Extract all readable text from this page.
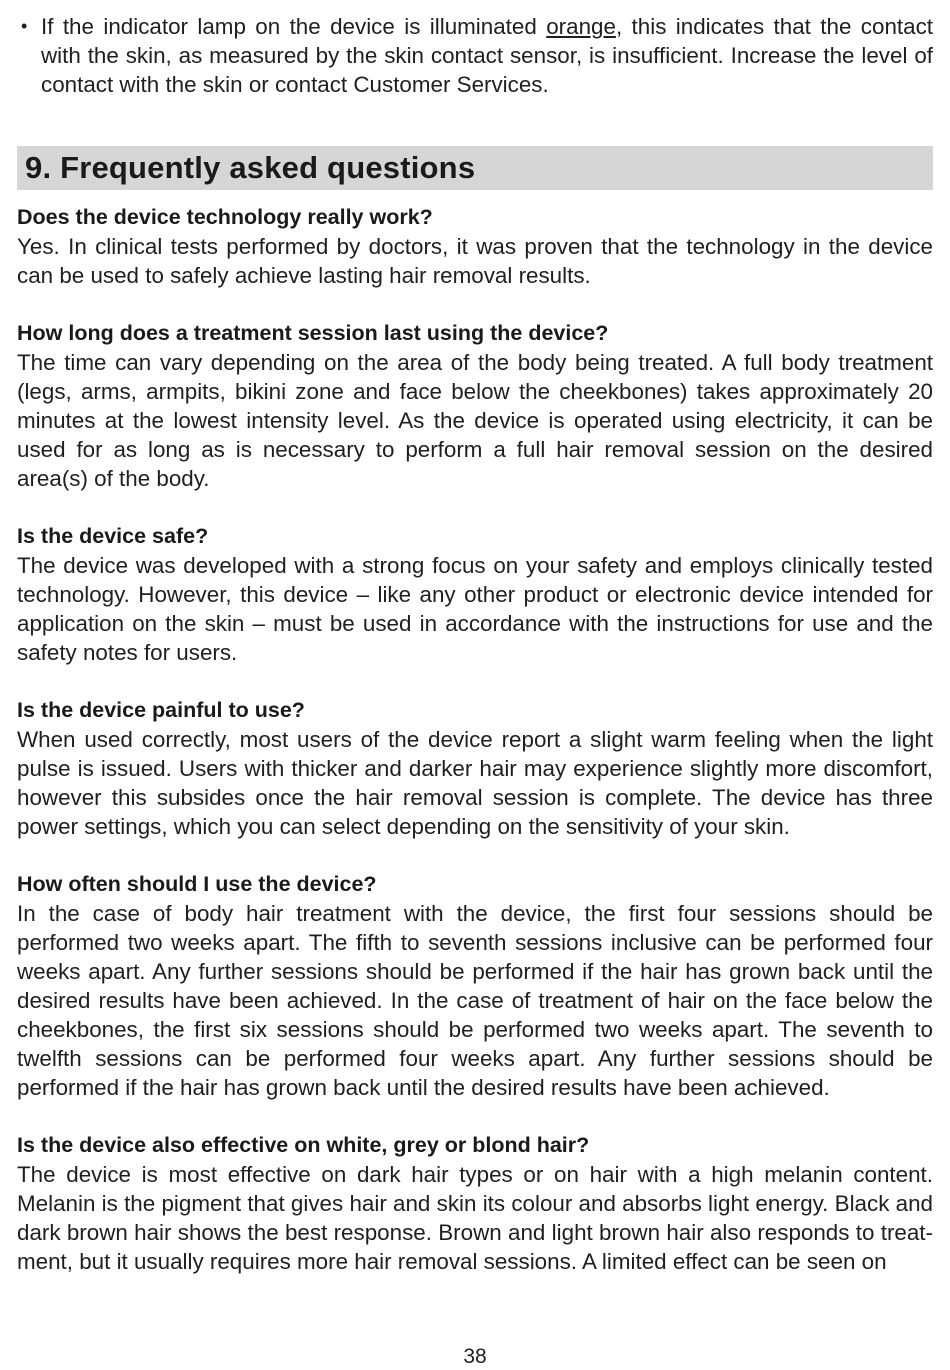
• If the indicator lamp on the device is illuminated orange, this indicates that the contact with the skin, as measured by the skin contact sensor, is insufficient. Increase the level of contact with the skin or contact Customer Services.

9. Frequently asked questions

Does the device technology really work?

Yes. In clinical tests performed by doctors, it was proven that the technology in the device can be used to safely achieve lasting hair removal results.

How long does a treatment session last using the device?

The time can vary depending on the area of the body being treated. A full body treatment (legs, arms, armpits, bikini zone and face below the cheekbones) takes approximately 20 minutes at the lowest intensity level. As the device is operated using electricity, it can be used for as long as is necessary to perform a full hair removal session on the desired area(s) of the body.

Is the device safe?

The device was developed with a strong focus on your safety and employs clinically tested technology. However, this device – like any other product or electronic device intended for application on the skin – must be used in accordance with the instructions for use and the safety notes for users.

Is the device painful to use?

When used correctly, most users of the device report a slight warm feeling when the light pulse is issued. Users with thicker and darker hair may experience slightly more discomfort, however this subsides once the hair removal session is complete. The device has three power settings, which you can select depending on the sensitivity of your skin.

How often should I use the device?

In the case of body hair treatment with the device, the first four sessions should be performed two weeks apart. The fifth to seventh sessions inclusive can be performed four weeks apart. Any further sessions should be performed if the hair has grown back until the desired results have been achieved. In the case of treatment of hair on the face below the cheekbones, the first six sessions should be performed two weeks apart. The seventh to twelfth sessions can be performed four weeks apart. Any further sessions should be performed if the hair has grown back until the desired results have been achieved.

Is the device also effective on white, grey or blond hair?

The device is most effective on dark hair types or on hair with a high melanin content. Melanin is the pigment that gives hair and skin its colour and absorbs light energy. Black and dark brown hair shows the best response. Brown and light brown hair also responds to treat-ment, but it usually requires more hair removal sessions. A limited effect can be seen on

38
